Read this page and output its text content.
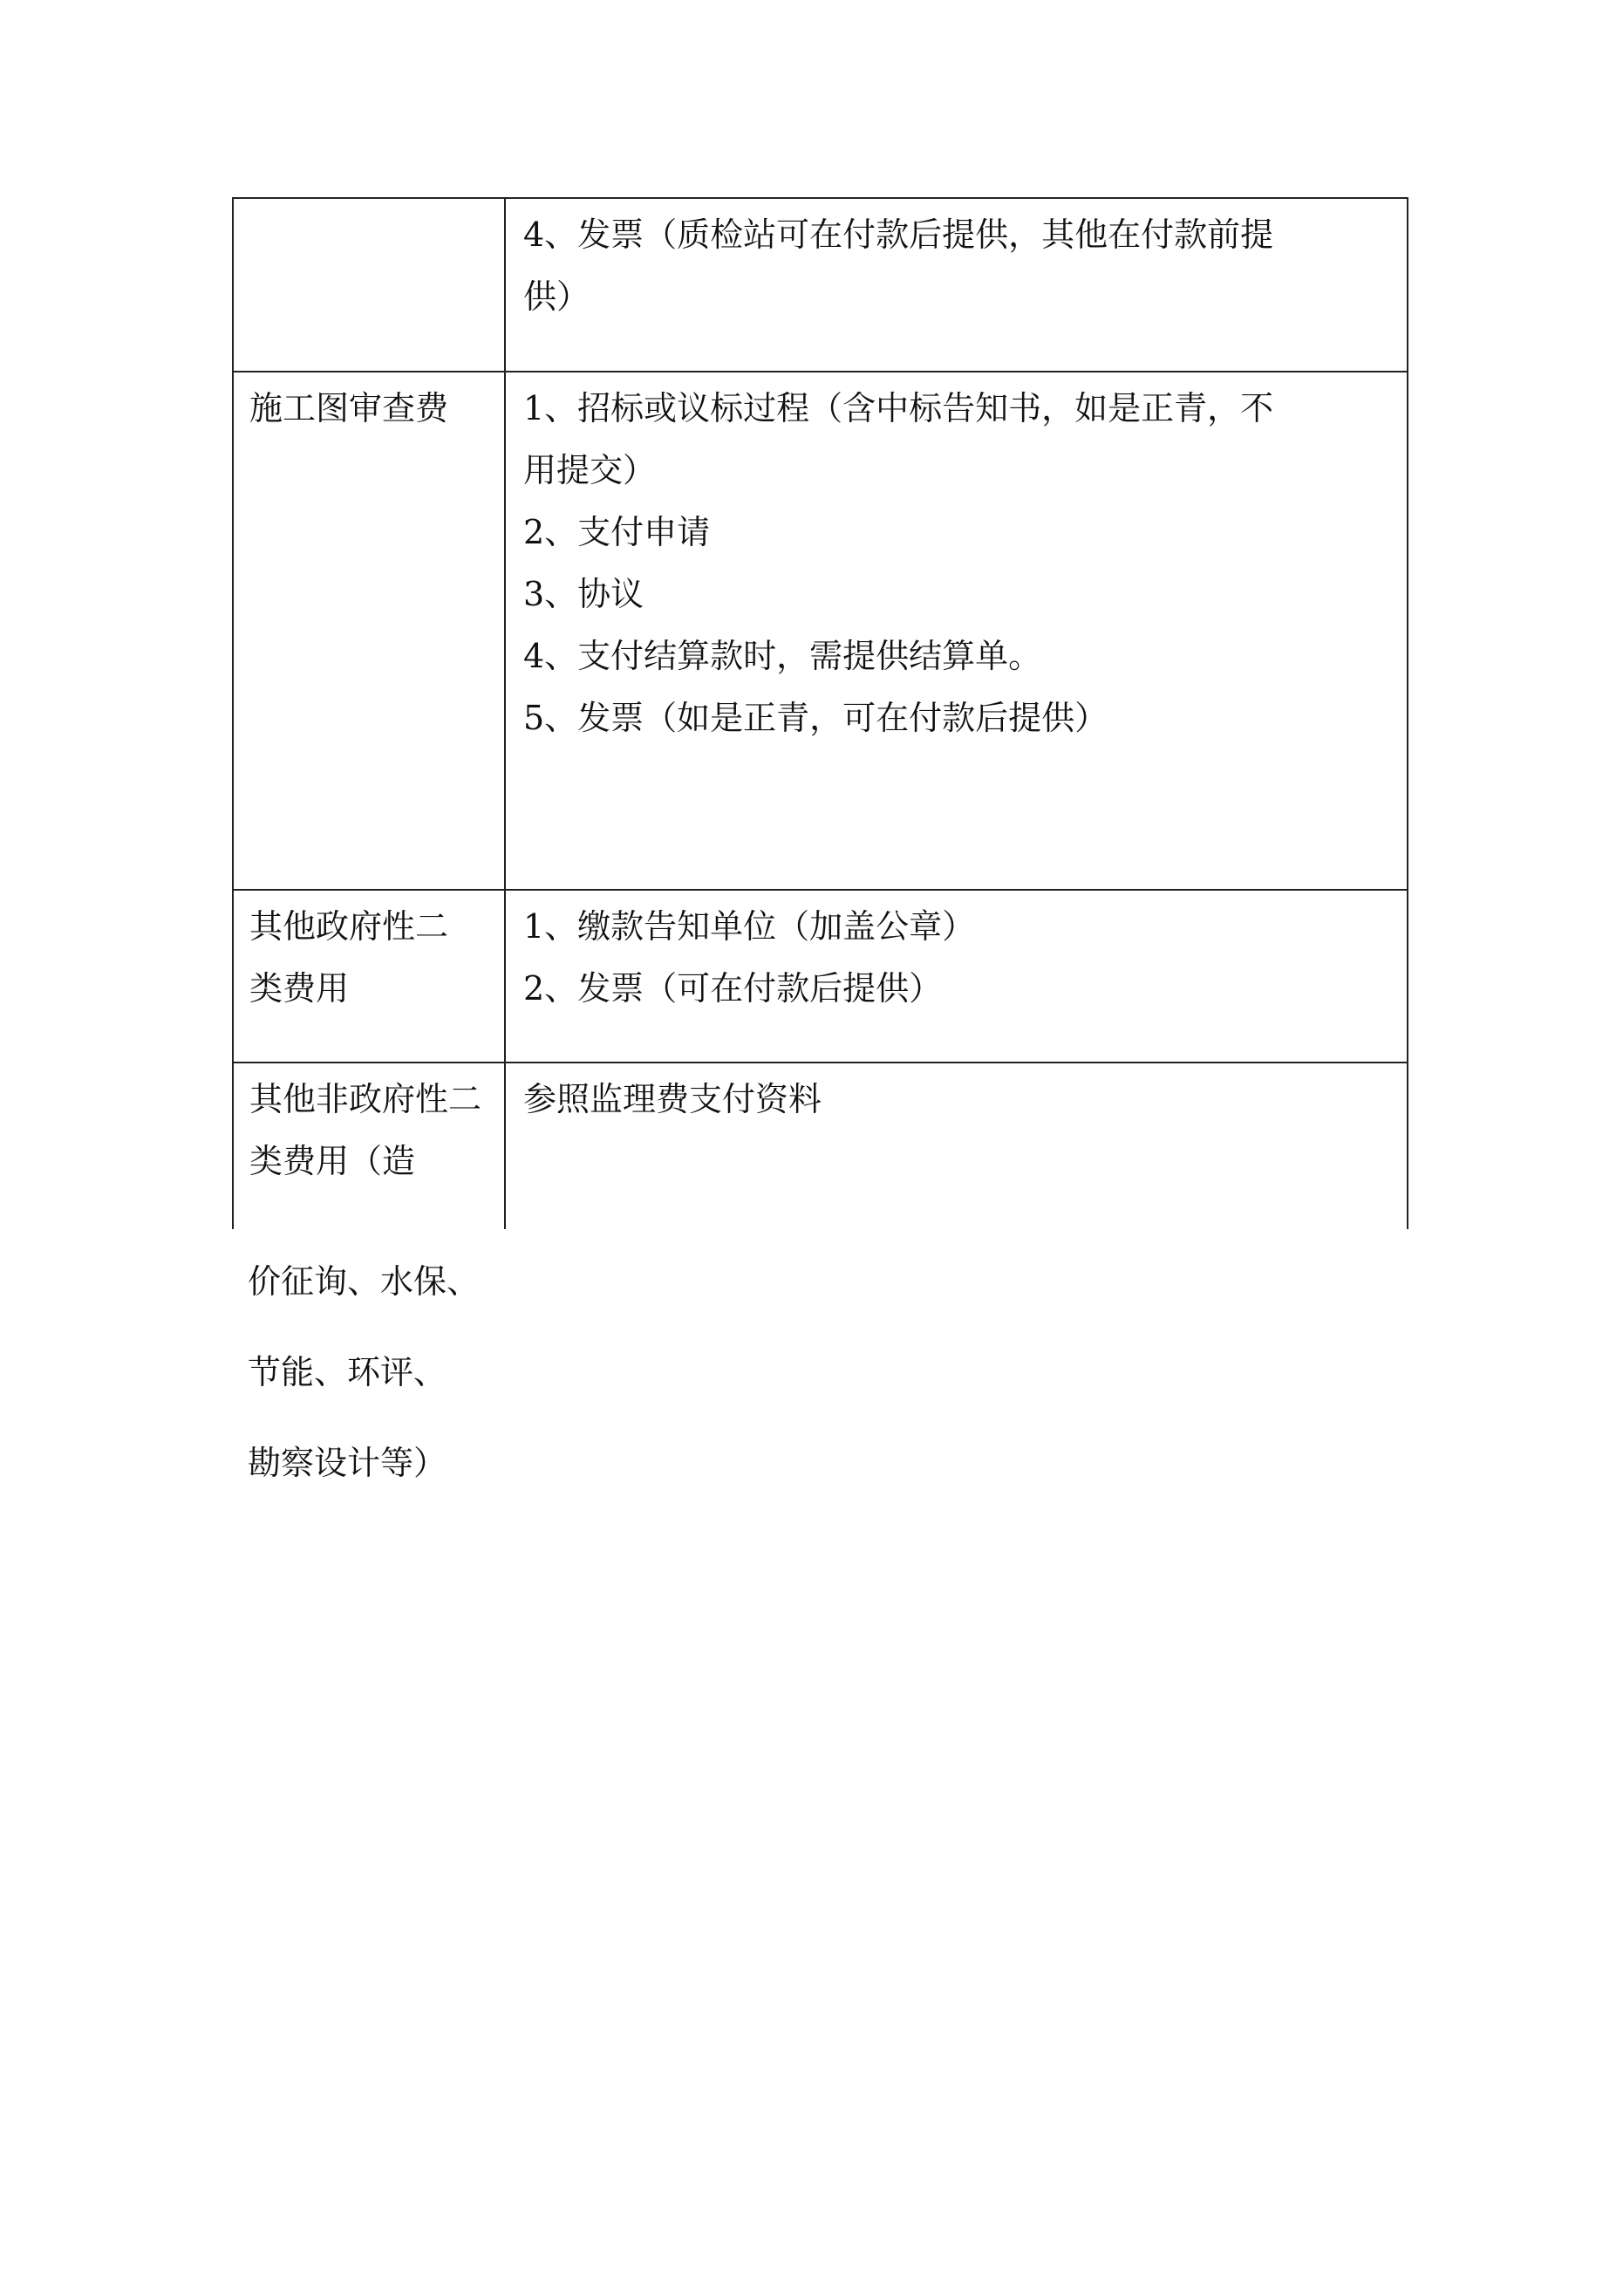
4、发票（质检站可在付款后提供，其他在付款前提
供）
施工图审查费	1、招标或议标过程（含中标告知书，如是正青，不
用提交）
2、支付申请
3、协议
4、支付结算款时，需提供结算单。
5、发票（如是正青，可在付款后提供）
其他政府性二
类费用
1、缴款告知单位（加盖公章）
2、发票（可在付款后提供）
其他非政府性二
类费用（造
参照监理费支付资料
价征询、水保、
节能、环评、
勘察设计等）
